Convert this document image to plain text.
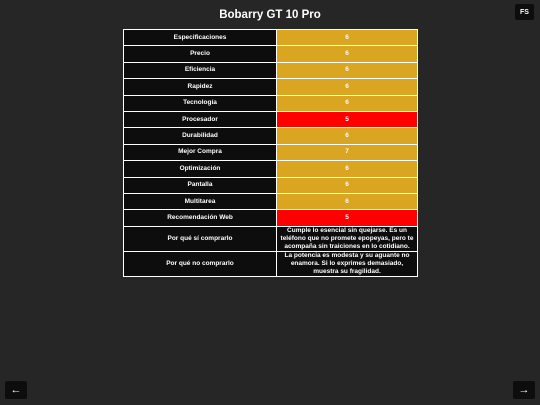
Bobarry GT 10 Pro	FS
Especificaciones	6
Precio	6
Eficiencia	6
Rapidez	6
Tecnología	6
Procesador	5
Durabilidad	6
Mejor Compra	7
Optimización	6
Pantalla	6
Multitarea	6
Recomendación Web	5
Por qué sí comprarlo	Cumple lo esencial sin quejarse. Es un teléfono que no promete epopeyas, pero te acompaña sin traiciones en lo cotidiano.
Por qué no comprarlo	La potencia es modesta y su aguante no enamora. Si lo exprimes demasiado, muestra su fragilidad.
←	→
